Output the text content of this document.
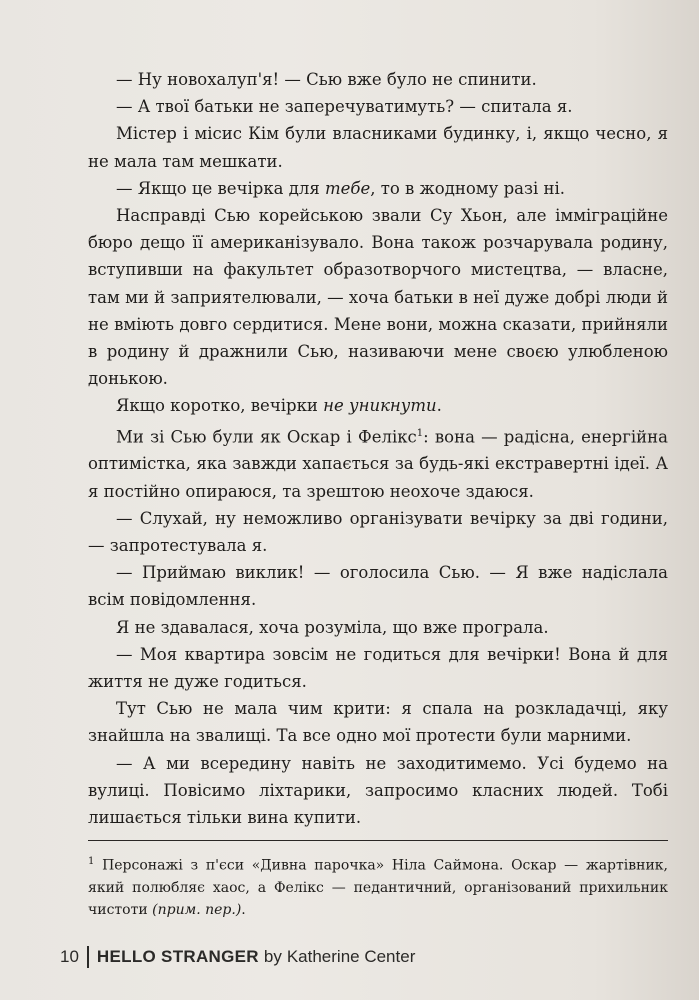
— Ну новохалуп'я! — Сью вже було не спинити.

— А твої батьки не заперечуватимуть? — спитала я.

Містер і місис Кім були власниками будинку, і, якщо чесно, я не мала там мешкати.

— Якщо це вечірка для тебе, то в жодному разі ні.

Насправді Сью корейською звали Су Хьон, але імміграційне бюро дещо її американізувало. Вона також розчарувала родину, вступивши на факультет образотворчого мистецтва, — власне, там ми й заприятелювали, — хоча батьки в неї дуже добрі люди й не вміють довго сердитися. Мене вони, можна сказати, прийняли в родину й дражнили Сью, називаючи мене своєю улюбленою донькою.

Якщо коротко, вечірки не уникнути.

Ми зі Сью були як Оскар і Фелікс$^1$: вона — радісна, енергійна оптимістка, яка завжди хапається за будь-які екстравертні ідеї. А я постійно опираюся, та зрештою неохоче здаюся.

— Слухай, ну неможливо організувати вечірку за дві години, — запротестувала я.

— Приймаю виклик! — оголосила Сью. — Я вже надіслала всім повідомлення.

Я не здавалася, хоча розуміла, що вже програла.

— Моя квартира зовсім не годиться для вечірки! Вона й для життя не дуже годиться.

Тут Сью не мала чим крити: я спала на розкладачці, яку знайшла на звалищі. Та все одно мої протести були марними.

— А ми всередину навіть не заходитимемо. Усі будемо на вулиці. Повісимо ліхтарики, запросимо класних людей. Тобі лишається тільки вина купити.

$^1$ Персонажі з п'єси «Дивна парочка» Ніла Саймона. Оскар — жартівник, який полюбляє хаос, а Фелікс — педантичний, організований прихильник чистоти (прим. пер.).

10 HELLO STRANGER by Katherine Center
